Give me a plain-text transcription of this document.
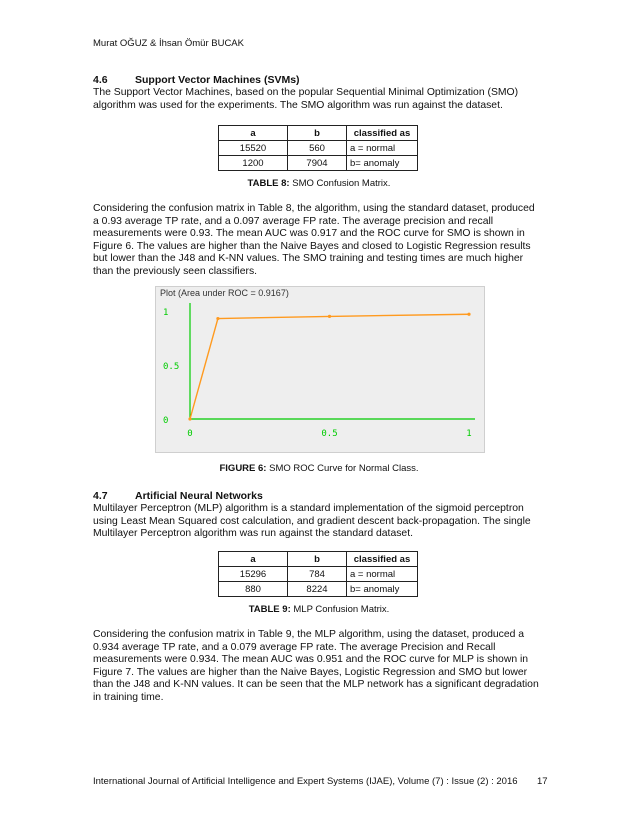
Murat OĞUZ & İhsan Ömür BUCAK
4.6	Support Vector Machines (SVMs)
The Support Vector Machines, based on the popular Sequential Minimal Optimization (SMO)
algorithm was used for the experiments. The SMO algorithm was run against the dataset.
a	b	classified as
15520	560	a = normal
1200	7904	b= anomaly
TABLE 8: SMO Confusion Matrix.
Considering the confusion matrix in Table 8, the algorithm, using the standard dataset, produced
a 0.93 average TP rate, and a 0.097 average FP rate. The average precision and recall
measurements were 0.93. The mean AUC was 0.917 and the ROC curve for SMO is shown in
Figure 6. The values are higher than the Naive Bayes and closed to Logistic Regression results
but lower than the J48 and K-NN values. The SMO training and testing times are much higher
than the previously seen classifiers.
Plot (Area under ROC = 0.9167)
0
0.5
1
0	0.5	1
FIGURE 6: SMO ROC Curve for Normal Class.
4.7	Artificial Neural Networks
Multilayer Perceptron (MLP) algorithm is a standard implementation of the sigmoid perceptron
using Least Mean Squared cost calculation, and gradient descent back-propagation. The single
Multilayer Perceptron algorithm was run against the standard dataset.
a	b	classified as
15296	784	a = normal
880	8224	b= anomaly
TABLE 9: MLP Confusion Matrix.
Considering the confusion matrix in Table 9, the MLP algorithm, using the dataset, produced a
0.934 average TP rate, and a 0.079 average FP rate. The average Precision and Recall
measurements were 0.934. The mean AUC was 0.951 and the ROC curve for MLP is shown in
Figure 7. The values are higher than the Naive Bayes, Logistic Regression and SMO but lower
than the J48 and K-NN values. It can be seen that the MLP network has a significant degradation
in training time.
International Journal of Artificial Intelligence and Expert Systems (IJAE), Volume (7) : Issue (2) : 2016 17
